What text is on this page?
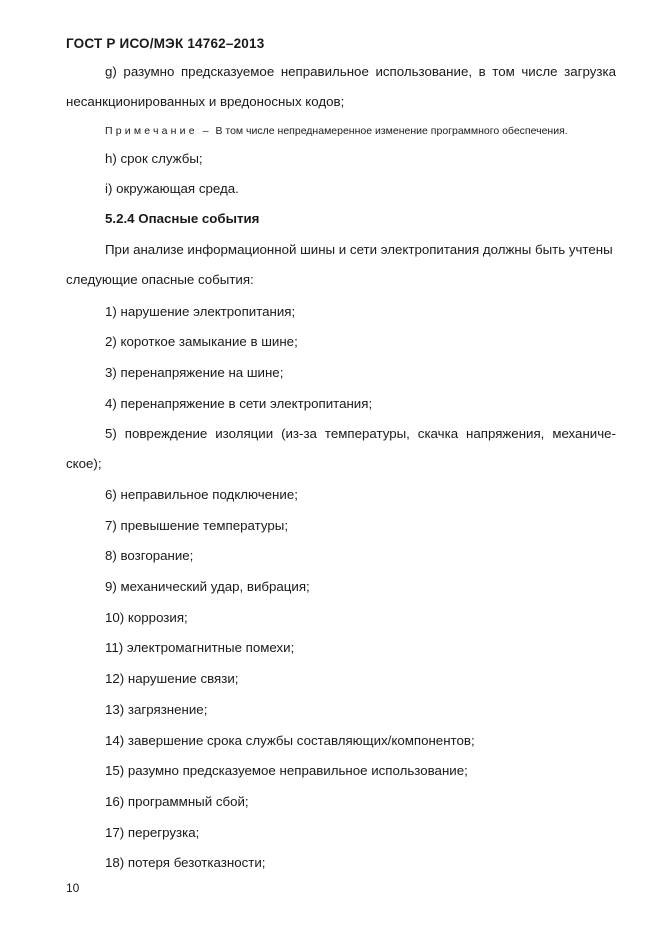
ГОСТ Р ИСО/МЭК 14762–2013
g) разумно предсказуемое неправильное использование, в том числе загрузка
несанкционированных и вредоносных кодов;
Примечание – В том числе непреднамеренное изменение программного обеспечения.
h) срок службы;
i) окружающая среда.
5.2.4 Опасные события
При анализе информационной шины и сети электропитания должны быть учтены
следующие опасные события:
1) нарушение электропитания;
2) короткое замыкание в шине;
3) перенапряжение на шине;
4) перенапряжение в сети электропитания;
5) повреждение изоляции (из-за температуры, скачка напряжения, механиче-
ское);
6) неправильное подключение;
7) превышение температуры;
8) возгорание;
9) механический удар, вибрация;
10) коррозия;
11) электромагнитные помехи;
12) нарушение связи;
13) загрязнение;
14) завершение срока службы составляющих/компонентов;
15) разумно предсказуемое неправильное использование;
16) программный сбой;
17) перегрузка;
18) потеря безотказности;
10
